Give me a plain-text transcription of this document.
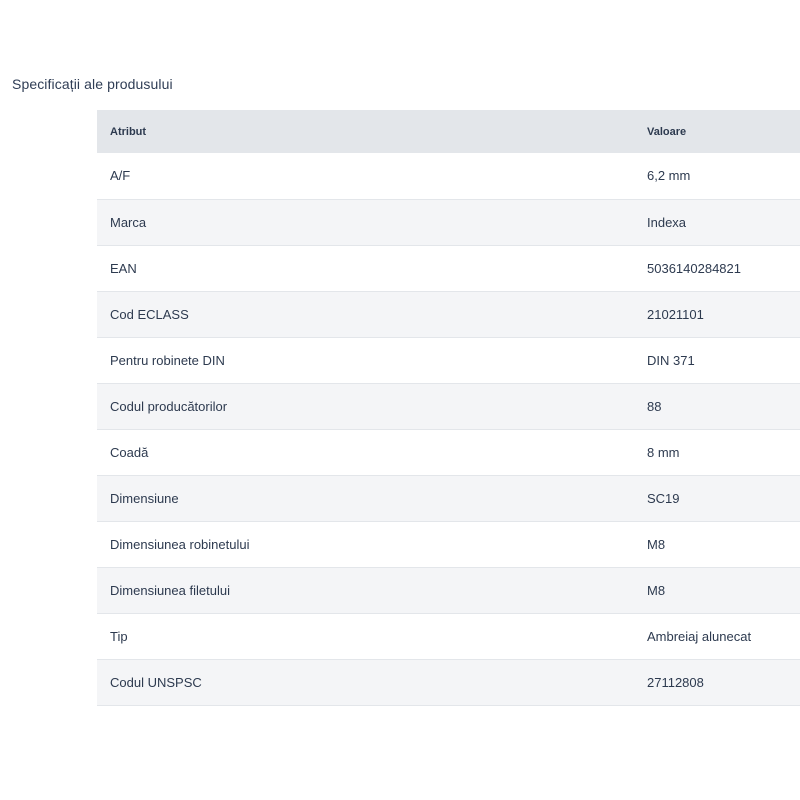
Specificații ale produsului
Atribut	Valoare
A/F	6,2 mm
Marca	Indexa
EAN	5036140284821
Cod ECLASS	21021101
Pentru robinete DIN	DIN 371
Codul producătorilor	88
Coadă	8 mm
Dimensiune	SC19
Dimensiunea robinetului	M8
Dimensiunea filetului	M8
Tip	Ambreiaj alunecat
Codul UNSPSC	27112808
